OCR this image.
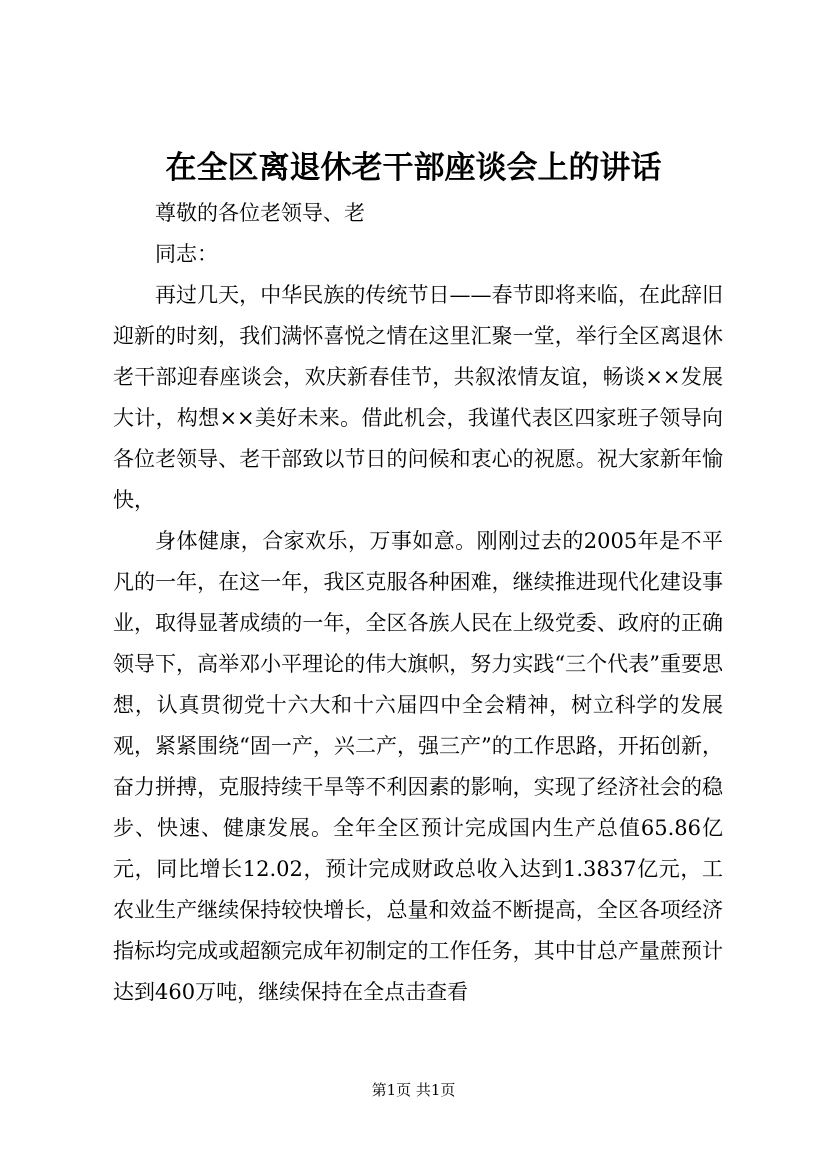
在全区离退休老干部座谈会上的讲话

尊敬的各位老领导、老

同志：

再过几天，中华民族的传统节日——春节即将来临，在此辞旧迎新的时刻，我们满怀喜悦之情在这里汇聚一堂，举行全区离退休老干部迎春座谈会，欢庆新春佳节，共叙浓情友谊，畅谈××发展大计，构想××美好未来。借此机会，我谨代表区四家班子领导向各位老领导、老干部致以节日的问候和衷心的祝愿。祝大家新年愉快，

身体健康，合家欢乐，万事如意。刚刚过去的2005年是不平凡的一年，在这一年，我区克服各种困难，继续推进现代化建设事业，取得显著成绩的一年，全区各族人民在上级党委、政府的正确领导下，高举邓小平理论的伟大旗帜，努力实践“三个代表”重要思想，认真贯彻党十六大和十六届四中全会精神，树立科学的发展观，紧紧围绕“固一产，兴二产，强三产”的工作思路，开拓创新，奋力拼搏，克服持续干旱等不利因素的影响，实现了经济社会的稳步、快速、健康发展。全年全区预计完成国内生产总值65.86亿元，同比增长12.02，预计完成财政总收入达到1.3837亿元，工农业生产继续保持较快增长，总量和效益不断提高，全区各项经济指标均完成或超额完成年初制定的工作任务，其中甘总产量蔗预计达到460万吨，继续保持在全点击查看

第1页 共1页
